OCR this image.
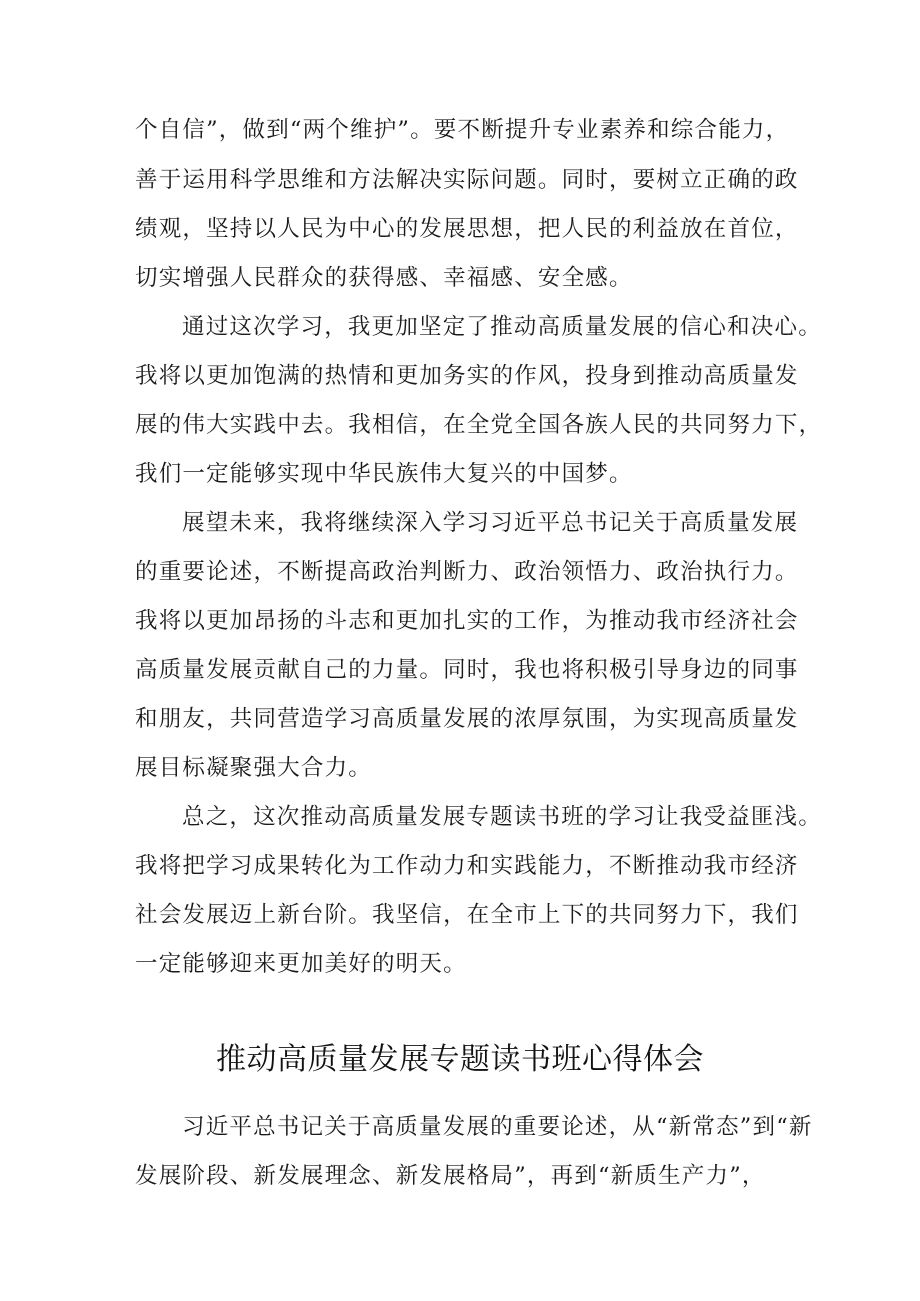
个自信”，做到“两个维护”。要不断提升专业素养和综合能力，
善于运用科学思维和方法解决实际问题。同时，要树立正确的政
绩观，坚持以人民为中心的发展思想，把人民的利益放在首位，
切实增强人民群众的获得感、幸福感、安全感。
通过这次学习，我更加坚定了推动高质量发展的信心和决心。
我将以更加饱满的热情和更加务实的作风，投身到推动高质量发
展的伟大实践中去。我相信，在全党全国各族人民的共同努力下，
我们一定能够实现中华民族伟大复兴的中国梦。
展望未来，我将继续深入学习习近平总书记关于高质量发展
的重要论述，不断提高政治判断力、政治领悟力、政治执行力。
我将以更加昂扬的斗志和更加扎实的工作，为推动我市经济社会
高质量发展贡献自己的力量。同时，我也将积极引导身边的同事
和朋友，共同营造学习高质量发展的浓厚氛围，为实现高质量发
展目标凝聚强大合力。
总之，这次推动高质量发展专题读书班的学习让我受益匪浅。
我将把学习成果转化为工作动力和实践能力，不断推动我市经济
社会发展迈上新台阶。我坚信，在全市上下的共同努力下，我们
一定能够迎来更加美好的明天。
推动高质量发展专题读书班心得体会
习近平总书记关于高质量发展的重要论述，从“新常态”到“新
发展阶段、新发展理念、新发展格局”，再到“新质生产力”，
